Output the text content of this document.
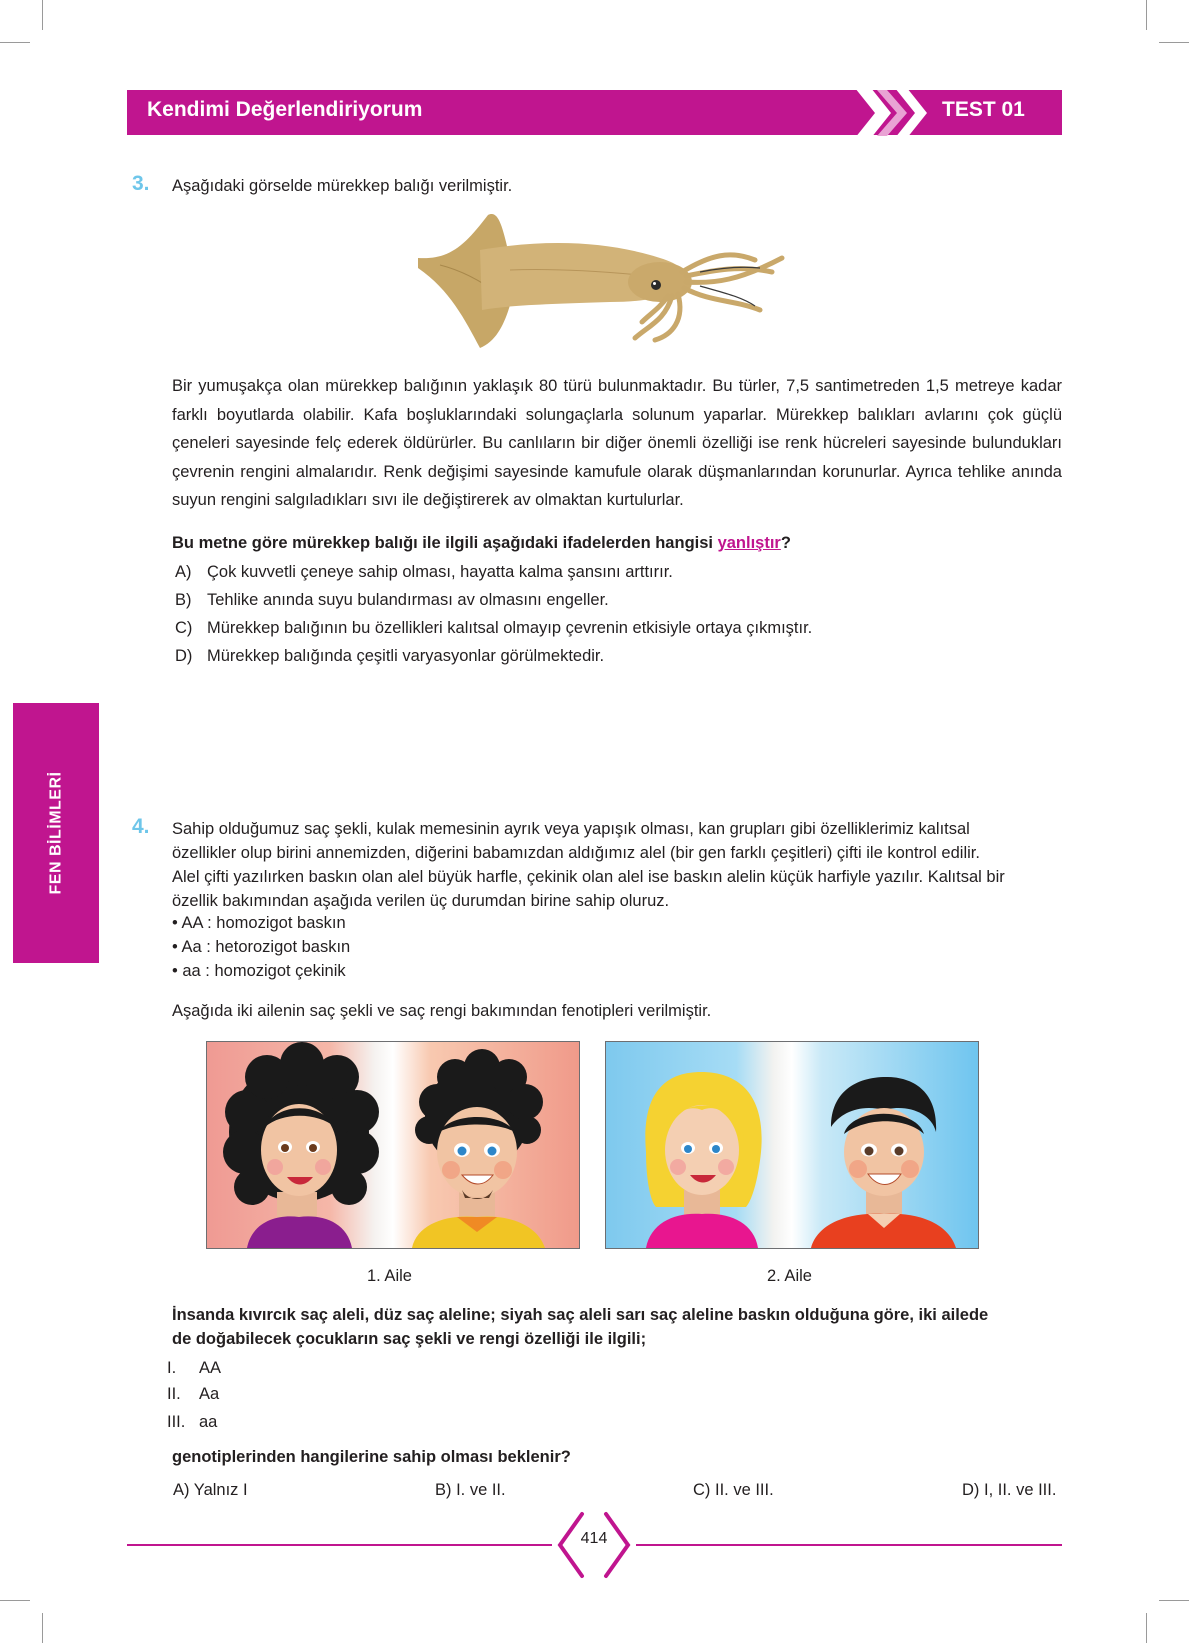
Kendimi Değerlendiriyorum	TEST 01
FEN BİLİMLERİ
3. Aşağıdaki görselde mürekkep balığı verilmiştir.
Bir yumuşakça olan mürekkep balığının yaklaşık 80 türü bulunmaktadır. Bu türler, 7,5 santimetreden 1,5 metreye kadar farklı boyutlarda olabilir. Kafa boşluklarındaki solungaçlarla solunum yaparlar. Mürekkep balıkları avlarını çok güçlü çeneleri sayesinde felç ederek öldürürler. Bu canlıların bir diğer önemli özelliği ise renk hücreleri sayesinde bulundukları çevrenin rengini almalarıdır. Renk değişimi sayesinde kamufule olarak düşmanlarından korunurlar. Ayrıca tehlike anında suyun rengini salgıladıkları sıvı ile değiştirerek av olmaktan kurtulurlar.
Bu metne göre mürekkep balığı ile ilgili aşağıdaki ifadelerden hangisi yanlıştır?
A) Çok kuvvetli çeneye sahip olması, hayatta kalma şansını arttırır.
B) Tehlike anında suyu bulandırması av olmasını engeller.
C) Mürekkep balığının bu özellikleri kalıtsal olmayıp çevrenin etkisiyle ortaya çıkmıştır.
D) Mürekkep balığında çeşitli varyasyonlar görülmektedir.
4. Sahip olduğumuz saç şekli, kulak memesinin ayrık veya yapışık olması, kan grupları gibi özelliklerimiz kalıtsal
özellikler olup birini annemizden, diğerini babamızdan aldığımız alel (bir gen farklı çeşitleri) çifti ile kontrol edilir.
Alel çifti yazılırken baskın olan alel büyük harfle, çekinik olan alel ise baskın alelin küçük harfiyle yazılır. Kalıtsal bir
özellik bakımından aşağıda verilen üç durumdan birine sahip oluruz.
• AA : homozigot baskın
• Aa : hetorozigot baskın
• aa : homozigot çekinik
Aşağıda iki ailenin saç şekli ve saç rengi bakımından fenotipleri verilmiştir.
1. Aile	2. Aile
İnsanda kıvırcık saç aleli, düz saç aleline; siyah saç aleli sarı saç aleline baskın olduğuna göre, iki ailede
de doğabilecek çocukların saç şekli ve rengi özelliği ile ilgili;
I. AA
II. Aa
III. aa
genotiplerinden hangilerine sahip olması beklenir?
A) Yalnız I	B) I. ve II.	C) II. ve III.	D) I, II. ve III.
414
